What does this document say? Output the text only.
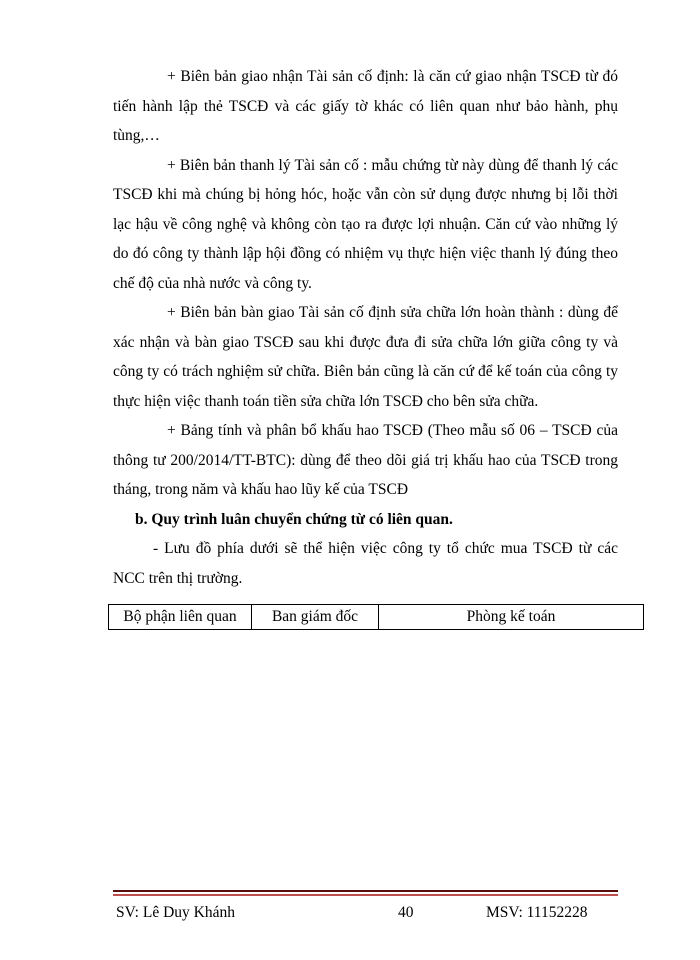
+ Biên bản giao nhận Tài sản cố định: là căn cứ giao nhận TSCĐ từ đó tiến hành lập thẻ TSCĐ và các giấy tờ khác có liên quan như bảo hành, phụ tùng,…

+ Biên bản thanh lý Tài sản cố : mẫu chứng từ này dùng để thanh lý các TSCĐ khi mà chúng bị hỏng hóc, hoặc vẫn còn sử dụng được nhưng bị lỗi thời lạc hậu về công nghệ và không còn tạo ra được lợi nhuận. Căn cứ vào những lý do đó công ty thành lập hội đồng có nhiệm vụ thực hiện việc thanh lý đúng theo chế độ của nhà nước và công ty.

+ Biên bản bàn giao Tài sản cố định sửa chữa lớn hoàn thành : dùng để xác nhận và bàn giao TSCĐ sau khi được đưa đi sửa chữa lớn giữa công ty và công ty có trách nghiệm sử chữa. Biên bản cũng là căn cứ để kế toán của công ty thực hiện việc thanh toán tiền sửa chữa lớn TSCĐ cho bên sửa chữa.

+ Bảng tính và phân bổ khấu hao TSCĐ (Theo mẫu số 06 – TSCĐ của thông tư 200/2014/TT-BTC): dùng để theo dõi giá trị khấu hao của TSCĐ trong tháng, trong năm và khấu hao lũy kế của TSCĐ

b. Quy trình luân chuyển chứng từ có liên quan.

- Lưu đồ phía dưới sẽ thể hiện việc công ty tổ chức mua TSCĐ từ các NCC trên thị trường.

Bộ phận liên quan	Ban giám đốc	Phòng kế toán
SV: Lê Duy Khánh	40	MSV: 11152228
